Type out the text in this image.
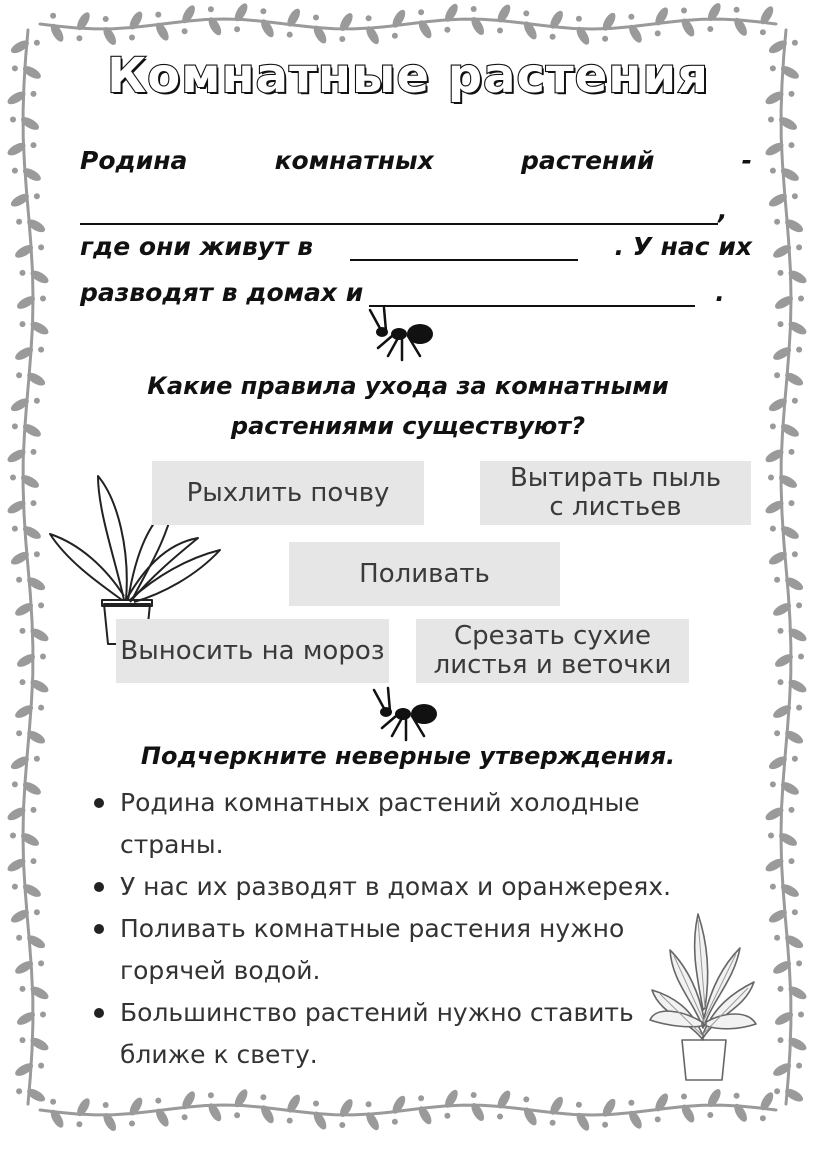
Комнатные растения
Родина	комнатных	растений	-
,
где они живут в	. У нас их
разводят в домах и	.
Какие правила ухода за комнатными
растениями существуют?
Рыхлить почву	Вытирать пыль
с листьев
Поливать
Выносить на мороз	Срезать сухие
листья и веточки
Подчеркните неверные утверждения.
Родина комнатных растений холодные
страны.
У нас их разводят в домах и оранжереях.
Поливать комнатные растения нужно
горячей водой.
Большинство растений нужно ставить
ближе к свету.
